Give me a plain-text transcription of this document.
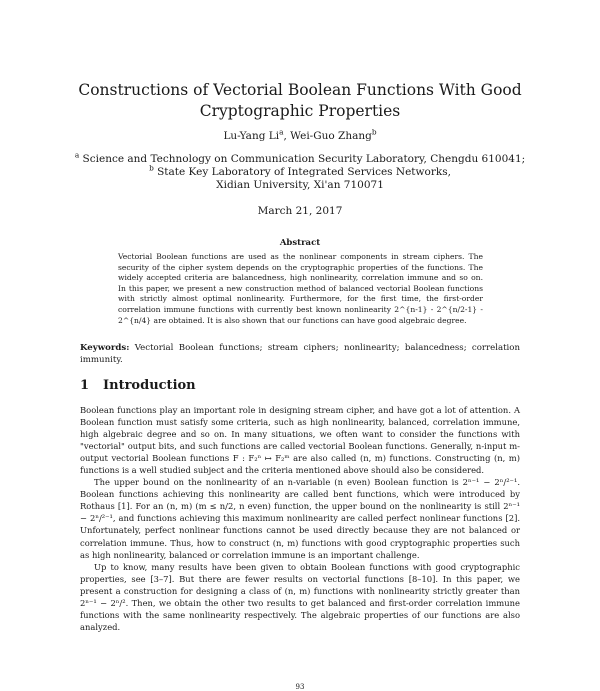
Constructions of Vectorial Boolean Functions With Good
Cryptographic Properties
Lu-Yang Li$^a$, Wei-Guo Zhang$^b$
$^a$ Science and Technology on Communication Security Laboratory, Chengdu 610041;
$^b$ State Key Laboratory of Integrated Services Networks,
Xidian University, Xi'an 710071
March 21, 2017
Abstract
Vectorial Boolean functions are used as the nonlinear components in stream ciphers. The security of the cipher system depends on the cryptographic properties of the functions. The widely accepted criteria are balancedness, high nonlinearity, correlation immune and so on. In this paper, we present a new construction method of balanced vectorial Boolean functions with strictly almost optimal nonlinearity. Furthermore, for the first time, the first-order correlation immune functions with currently best known nonlinearity 2^{n-1} - 2^{n/2-1} - 2^{n/4} are obtained. It is also shown that our functions can have good algebraic degree.
Keywords: Vectorial Boolean functions; stream ciphers; nonlinearity; balancedness; correlation immunity.
1 Introduction

Boolean functions play an important role in designing stream cipher, and have got a lot of attention. A Boolean function must satisfy some criteria, such as high nonlinearity, balanced, correlation immune, high algebraic degree and so on. In many situations, we often want to consider the functions with "vectorial" output bits, and such functions are called vectorial Boolean functions. Generally, n-input m-output vectorial Boolean functions F : F₂ⁿ ↦ F₂ᵐ are also called (n, m) functions. Constructing (n, m) functions is a well studied subject and the criteria mentioned above should also be considered.

The upper bound on the nonlinearity of an n-variable (n even) Boolean function is 2ⁿ⁻¹ − 2ⁿ/²⁻¹. Boolean functions achieving this nonlinearity are called bent functions, which were introduced by Rothaus [1]. For an (n, m) (m ≤ n/2, n even) function, the upper bound on the nonlinearity is still 2ⁿ⁻¹ − 2ⁿ/²⁻¹, and functions achieving this maximum nonlinearity are called perfect nonlinear functions [2]. Unfortunately, perfect nonlinear functions cannot be used directly because they are not balanced or correlation immune. Thus, how to construct (n, m) functions with good cryptographic properties such as high nonlinearity, balanced or correlation immune is an important challenge.

Up to know, many results have been given to obtain Boolean functions with good cryptographic properties, see [3–7]. But there are fewer results on vectorial functions [8–10]. In this paper, we present a construction for designing a class of (n, m) functions with nonlinearity strictly greater than 2ⁿ⁻¹ − 2ⁿ/². Then, we obtain the other two results to get balanced and first-order correlation immune functions with the same nonlinearity respectively. The algebraic properties of our functions are also analyzed.

93
